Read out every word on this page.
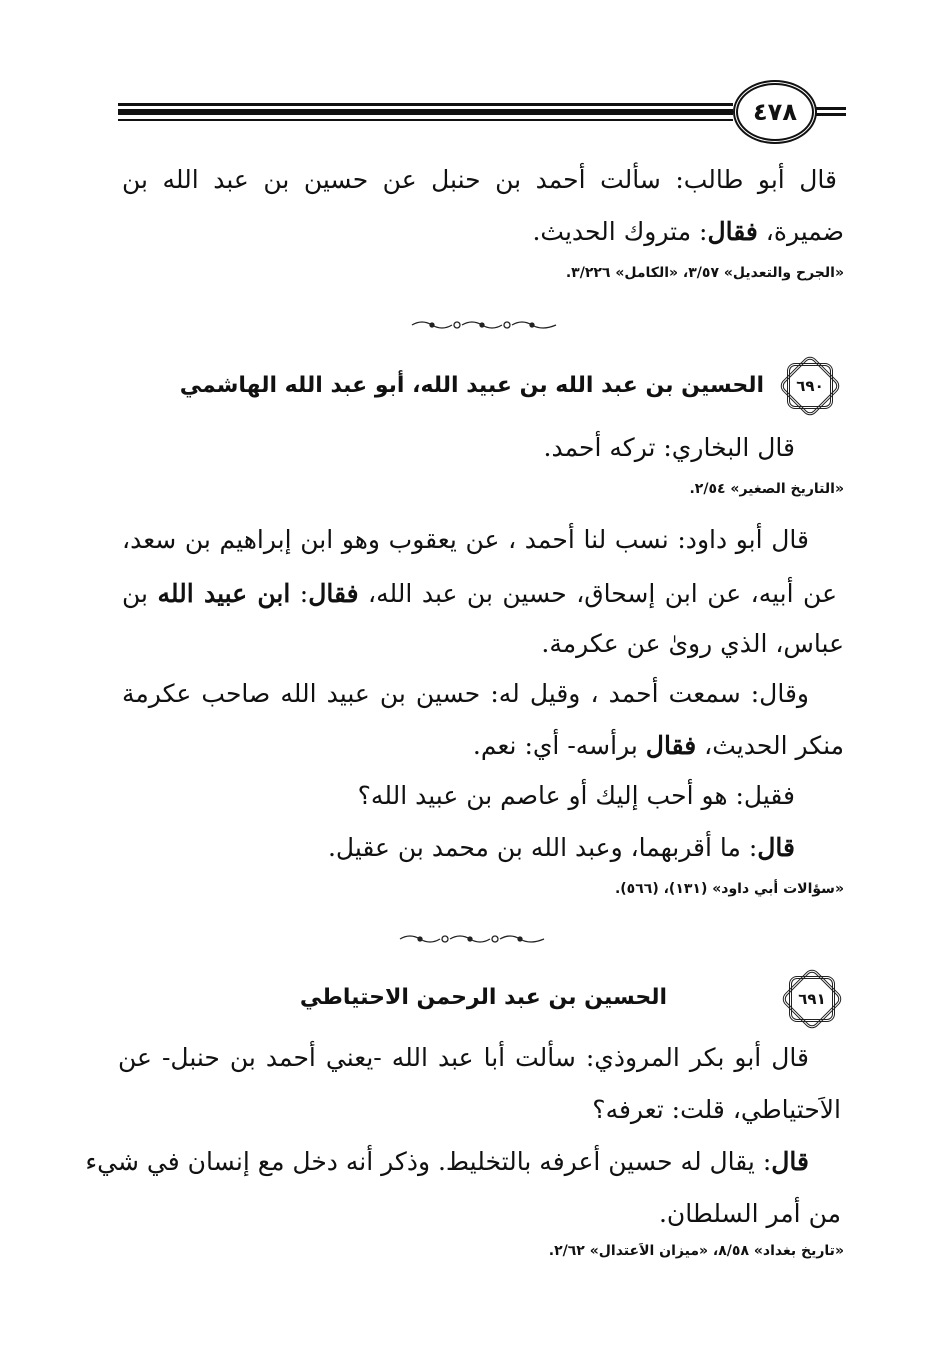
٤٧٨
قال أبو طالب: سألت أحمد بن حنبل عن حسين بن عبد الله بن
ضميرة، فقال: متروك الحديث.
«الجرح والتعديل» ٣/٥٧، «الكامل» ٣/٢٢٦.
٦٩٠
الحسين بن عبد الله بن عبيد الله، أبو عبد الله الهاشمي
قال البخاري: تركه أحمد.
«التاريخ الصغير» ٢/٥٤.
قال أبو داود: نسب لنا أحمد ، عن يعقوب وهو ابن إبراهيم بن سعد،
عن أبيه، عن ابن إسحاق، حسين بن عبد الله، فقال: ابن عبيد الله بن
عباس، الذي روىٰ عن عكرمة.
وقال: سمعت أحمد ، وقيل له: حسين بن عبيد الله صاحب عكرمة
منكر الحديث، فقال برأسه- أي: نعم.
فقيل: هو أحب إليك أو عاصم بن عبيد الله؟
قال: ما أقربهما، وعبد الله بن محمد بن عقيل.
«سؤالات أبي داود» (١٣١)، (٥٦٦).
٦٩١
الحسين بن عبد الرحمن الاحتياطي
قال أبو بكر المروذي: سألت أبا عبد الله -يعني أحمد بن حنبل- عن
الاَحتياطي، قلت: تعرفه؟
قال: يقال له حسين أعرفه بالتخليط. وذكر أنه دخل مع إنسان في شيء
من أمر السلطان.
«تاريخ بغداد» ٨/٥٨، «ميزان الاَعتدال» ٢/٦٢.
